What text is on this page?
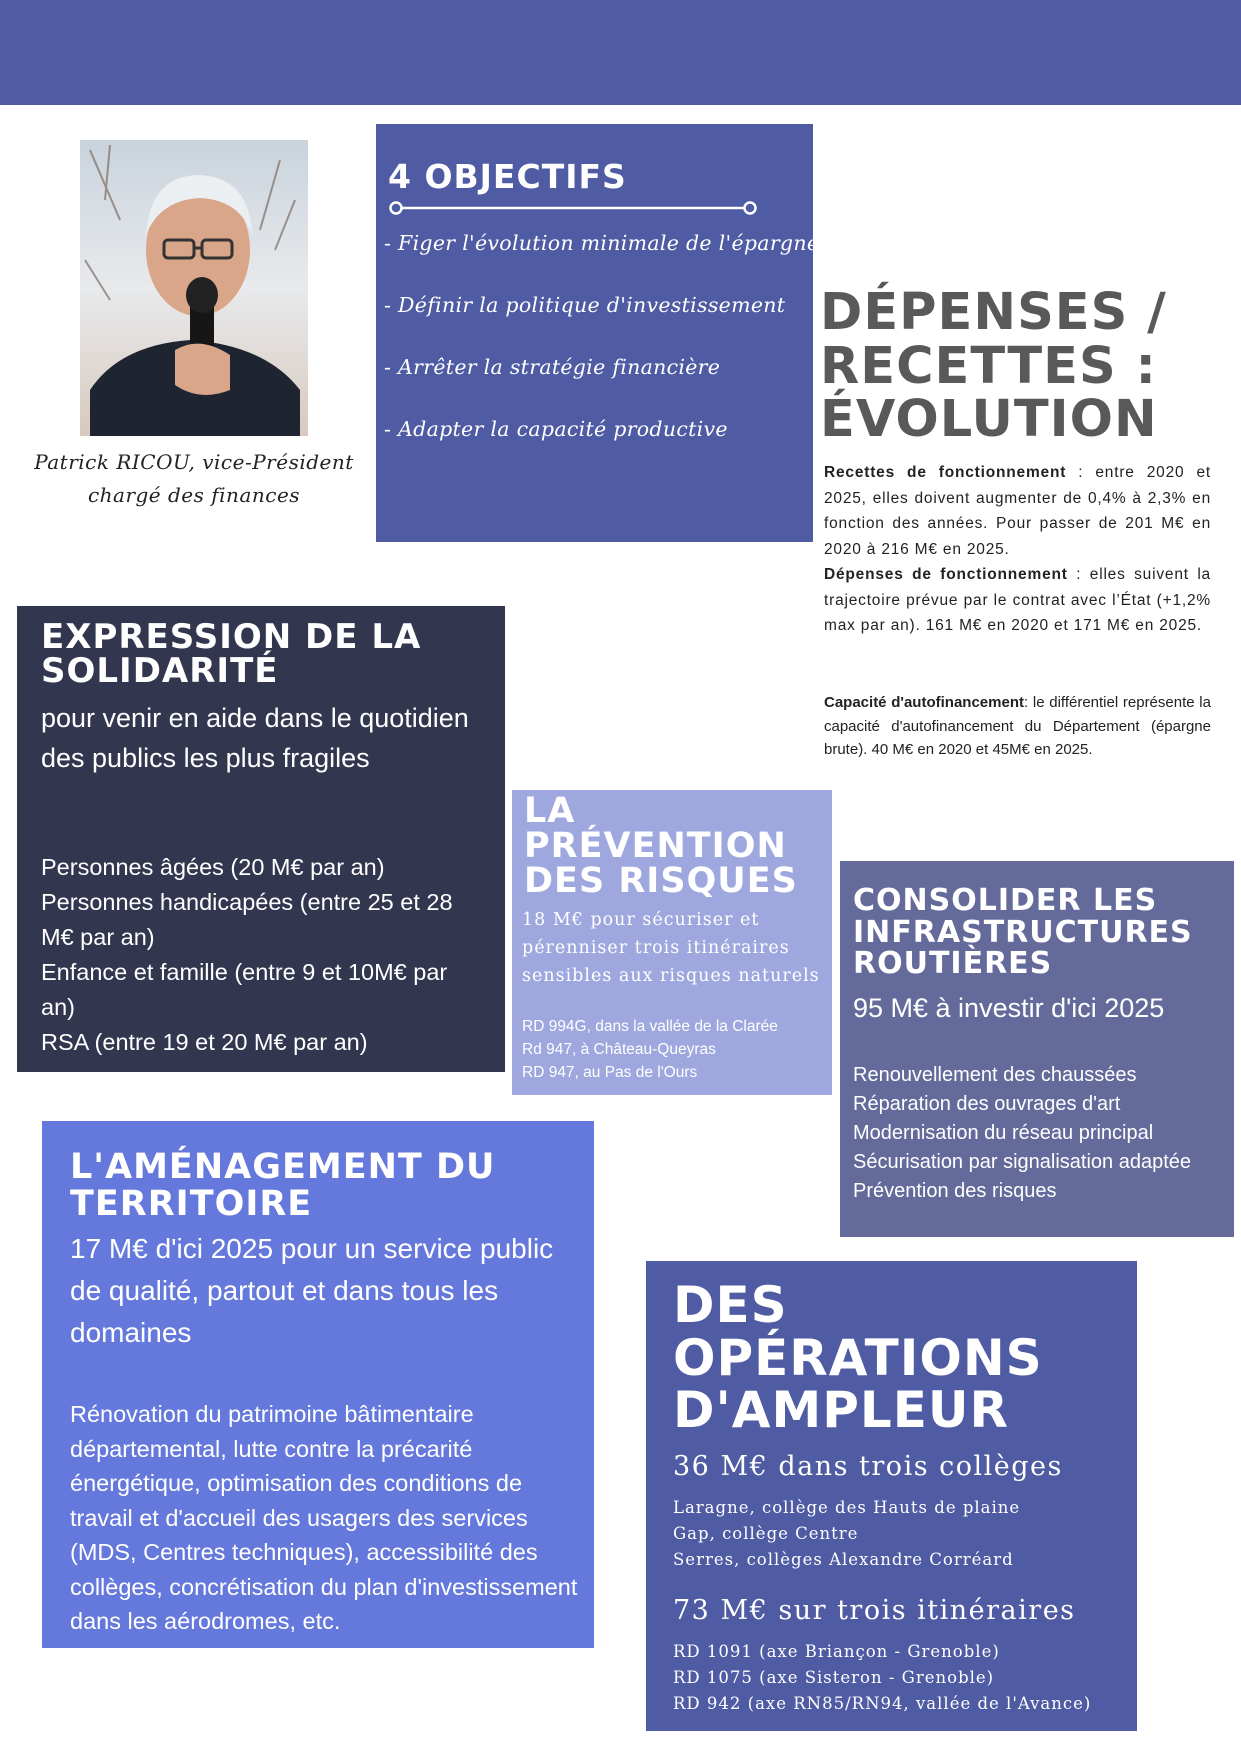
Patrick RICOU, vice-Président
chargé des finances
4 OBJECTIFS
- Figer l'évolution minimale de l'épargne
- Définir la politique d'investissement
- Arrêter la stratégie financière
- Adapter la capacité productive
DÉPENSES /
RECETTES :
ÉVOLUTION
Recettes de fonctionnement : entre 2020 et 2025, elles doivent augmenter de 0,4% à 2,3% en fonction des années. Pour passer de 201 M€ en 2020 à 216 M€ en 2025.
Dépenses de fonctionnement : elles suivent la trajectoire prévue par le contrat avec l’État (+1,2% max par an). 161 M€ en 2020 et 171 M€ en 2025.
Capacité d'autofinancement: le différentiel représente la capacité d'autofinancement du Département (épargne brute). 40 M€ en 2020 et 45M€ en 2025.
EXPRESSION DE LA
SOLIDARITÉ
pour venir en aide dans le quotidien des publics les plus fragiles
Personnes âgées (20 M€ par an)
Personnes handicapées (entre 25 et 28 M€ par an)
Enfance et famille (entre 9 et 10M€ par an)
RSA (entre 19 et 20 M€ par an)
LA
PRÉVENTION
DES RISQUES
18 M€ pour sécuriser et pérenniser trois itinéraires sensibles aux risques naturels
RD 994G, dans la vallée de la Clarée
Rd 947, à Château-Queyras
RD 947, au Pas de l'Ours
CONSOLIDER LES
INFRASTRUCTURES
ROUTIÈRES
95 M€ à investir d'ici 2025
Renouvellement des chaussées
Réparation des ouvrages d'art
Modernisation du réseau principal
Sécurisation par signalisation adaptée
Prévention des risques
L'AMÉNAGEMENT DU
TERRITOIRE
17 M€ d'ici 2025 pour un service public de qualité, partout et dans tous les domaines
Rénovation du patrimoine bâtimentaire départemental, lutte contre la précarité énergétique, optimisation des conditions de travail et d'accueil des usagers des services (MDS, Centres techniques), accessibilité des collèges, concrétisation du plan d'investissement dans les aérodromes, etc.
DES
OPÉRATIONS
D'AMPLEUR
36 M€ dans trois collèges
Laragne, collège des Hauts de plaine
Gap, collège Centre
Serres, collèges Alexandre Corréard
73 M€ sur trois itinéraires
RD 1091 (axe Briançon - Grenoble)
RD 1075 (axe Sisteron - Grenoble)
RD 942 (axe RN85/RN94, vallée de l'Avance)
